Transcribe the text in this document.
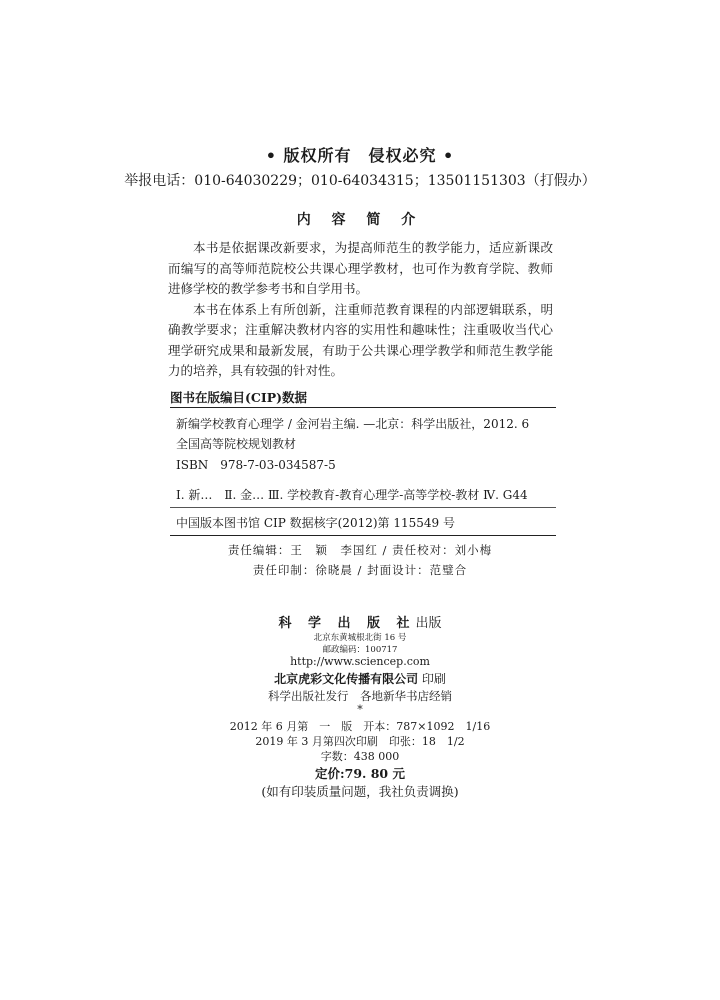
• 版权所有　侵权必究 •
举报电话：010-64030229；010-64034315；13501151303（打假办）
内 容 简 介

本书是依据课改新要求，为提高师范生的教学能力，适应新课改而编写的高等师范院校公共课心理学教材，也可作为教育学院、教师进修学校的教学参考书和自学用书。

本书在体系上有所创新，注重师范教育课程的内部逻辑联系，明确教学要求；注重解决教材内容的实用性和趣味性；注重吸收当代心理学研究成果和最新发展，有助于公共课心理学教学和师范生教学能力的培养，具有较强的针对性。

图书在版编目(CIP)数据
新编学校教育心理学 / 金河岩主编. —北京：科学出版社，2012. 6
全国高等院校规划教材
ISBN　978-7-03-034587-5
Ⅰ. 新…　Ⅱ. 金… Ⅲ. 学校教育-教育心理学-高等学校-教材 Ⅳ. G44
中国版本图书馆 CIP 数据核字(2012)第 115549 号
责任编辑：王　颖　李国红 / 责任校对：刘小梅
责任印制：徐晓晨 / 封面设计：范璧合
科 学 出 版 社出版
北京东黄城根北街 16 号
邮政编码：100717
http://www.sciencep.com
北京虎彩文化传播有限公司 印刷
科学出版社发行　各地新华书店经销
*
2012 年 6 月第　一　版　开本：787×1092　1/16
2019 年 3 月第四次印刷　印张：18　1/2
字数：438 000
定价:79. 80 元
(如有印装质量问题，我社负责调换)
